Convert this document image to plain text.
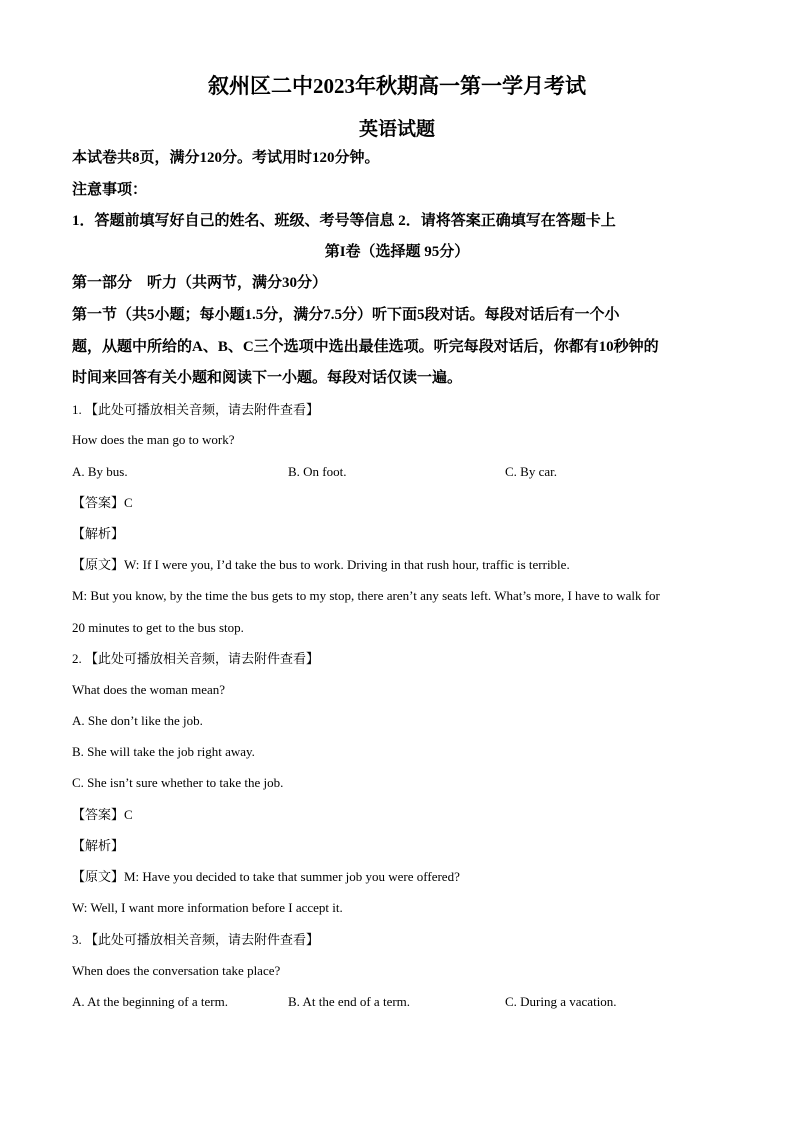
叙州区二中2023年秋期高一第一学月考试
英语试题
本试卷共8页，满分120分。考试用时120分钟。
注意事项：
1．答题前填写好自己的姓名、班级、考号等信息 2．请将答案正确填写在答题卡上
第I卷（选择题 95分）
第一部分　听力（共两节，满分30分）
第一节（共5小题；每小题1.5分，满分7.5分）听下面5段对话。每段对话后有一个小
题，从题中所给的A、B、C三个选项中选出最佳选项。听完每段对话后，你都有10秒钟的
时间来回答有关小题和阅读下一小题。每段对话仅读一遍。
1. 【此处可播放相关音频，请去附件查看】
How does the man go to work?
A. By bus.	B. On foot.	C. By car.
【答案】C
【解析】
【原文】W: If I were you, I’d take the bus to work. Driving in that rush hour, traffic is terrible.
M: But you know, by the time the bus gets to my stop, there aren’t any seats left. What’s more, I have to walk for
20 minutes to get to the bus stop.
2. 【此处可播放相关音频，请去附件查看】
What does the woman mean?
A. She don’t like the job.
B. She will take the job right away.
C. She isn’t sure whether to take the job.
【答案】C
【解析】
【原文】M: Have you decided to take that summer job you were offered?
W: Well, I want more information before I accept it.
3. 【此处可播放相关音频，请去附件查看】
When does the conversation take place?
A. At the beginning of a term.	B. At the end of a term.	C. During a vacation.
